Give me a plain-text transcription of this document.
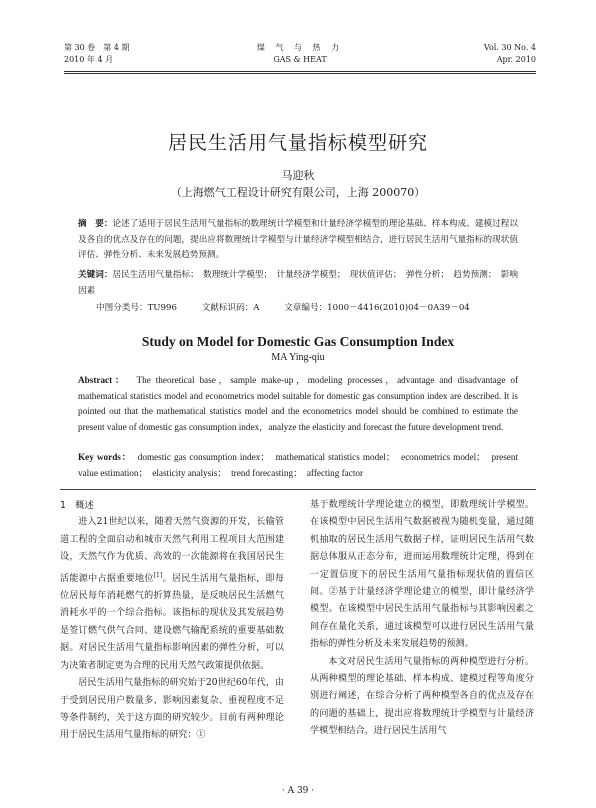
第 30 卷　第 4 期
2010 年 4 月
煤 气 与 热 力
GAS & HEAT
Vol. 30 No. 4
Apr. 2010
居民生活用气量指标模型研究
马迎秋
（上海燃气工程设计研究有限公司，上海 200070）
摘　要：论述了适用于居民生活用气量指标的数理统计学模型和计量经济学模型的理论基础、样本构成、建模过程以及各自的优点及存在的问题，提出应将数理统计学模型与计量经济学模型相结合，进行居民生活用气量指标的现状值评估、弹性分析、未来发展趋势预测。
关键词：居民生活用气量指标；　数理统计学模型；　计量经济学模型；　现状值评估；　弹性分析；　趋势预测；　影响因素
中图分类号：TU996	文献标识码：A	文章编号：1000－4416(2010)04－0A39－04
Study on Model for Domestic Gas Consumption Index
MA Ying-qiu
Abstract： The theoretical base，sample make-up，modeling processes，advantage and disadvantage of mathematical statistics model and econometrics model suitable for domestic gas consumption index are described. It is pointed out that the mathematical statistics model and the econometrics model should be combined to estimate the present value of domestic gas consumption index，analyze the elasticity and forecast the future development trend.
Key words： domestic gas consumption index；　mathematical statistics model；　econometrics model；　present value estimation；　elasticity analysis；　trend forecasting；　affecting factor

1　概述

进入21世纪以来，随着天然气资源的开发，长输管道工程的全面启动和城市天然气利用工程项目大范围建设，天然气作为优质、高效的一次能源将在我国居民生活能源中占据重要地位[1]。居民生活用气量指标，即每位居民每年消耗燃气的折算热量，是反映居民生活燃气消耗水平的一个综合指标。该指标的现状及其发展趋势是签订燃气供气合同、建设燃气输配系统的重要基础数据。对居民生活用气量指标影响因素的弹性分析，可以为决策者制定更为合理的民用天然气政策提供依据。

居民生活用气量指标的研究始于20世纪60年代，由于受到居民用户数量多、影响因素复杂、重视程度不足等条件制约，关于这方面的研究较少。目前有两种理论用于居民生活用气量指标的研究：①

基于数理统计学理论建立的模型，即数理统计学模型。在该模型中居民生活用气数据被视为随机变量，通过随机抽取的居民生活用气数据子样，证明居民生活用气数据总体服从正态分布，进而运用数理统计定理，得到在一定置信度下的居民生活用气量指标现状值的置信区间。②基于计量经济学理论建立的模型，即计量经济学模型。在该模型中居民生活用气量指标与其影响因素之间存在量化关系，通过该模型可以进行居民生活用气量指标的弹性分析及未来发展趋势的预测。

本文对居民生活用气量指标的两种模型进行分析。从两种模型的理论基础、样本构成、建模过程等角度分别进行阐述，在综合分析了两种模型各自的优点及存在的问题的基础上，提出应将数理统计学模型与计量经济学模型相结合，进行居民生活用气

· A 39 ·
